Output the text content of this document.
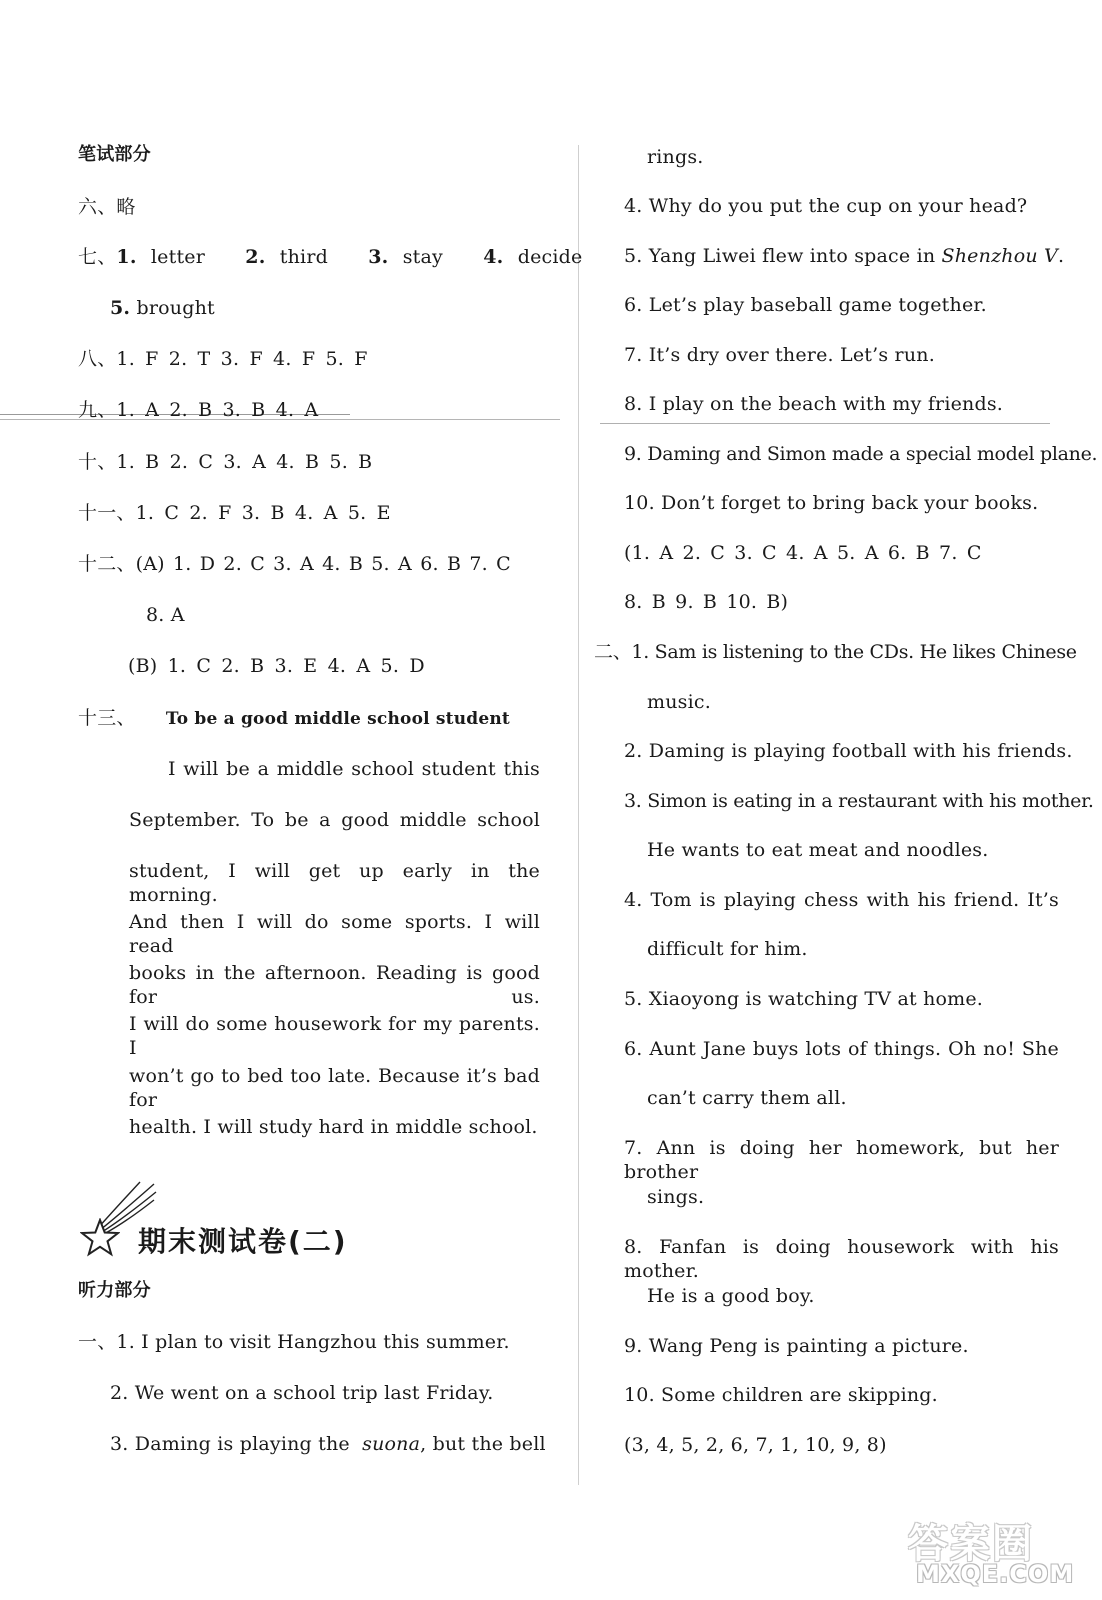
笔试部分
六、略
七、1. letter 2. third 3. stay 4. decide
5. brought
八、1. F 2. T 3. F 4. F 5. F
九、1. A 2. B 3. B 4. A
十、1. B 2. C 3. A 4. B 5. B
十一、1. C 2. F 3. B 4. A 5. E
十二、(A) 1. D 2. C 3. A 4. B 5. A 6. B 7. C
8. A
(B) 1. C 2. B 3. E 4. A 5. D
十三、 To be a good middle school student
I will be a middle school student this
September. To be a good middle school
student, I will get up early in the morning.
And then I will do some sports. I will read
books in the afternoon. Reading is good for us.
I will do some housework for my parents. I
won’t go to bed too late. Because it’s bad for
health. I will study hard in middle school.
期末测试卷(二)
听力部分
一、1. I plan to visit Hangzhou this summer.
2. We went on a school trip last Friday.
3. Daming is playing the suona, but the bell
rings.
4. Why do you put the cup on your head?
5. Yang Liwei flew into space in Shenzhou V.
6. Let’s play baseball game together.
7. It’s dry over there. Let’s run.
8. I play on the beach with my friends.
9. Daming and Simon made a special model plane.
10. Don’t forget to bring back your books.
(1. A 2. C 3. C 4. A 5. A 6. B 7. C
8. B 9. B 10. B)
二、1. Sam is listening to the CDs. He likes Chinese
music.
2. Daming is playing football with his friends.
3. Simon is eating in a restaurant with his mother.
He wants to eat meat and noodles.
4. Tom is playing chess with his friend. It’s
difficult for him.
5. Xiaoyong is watching TV at home.
6. Aunt Jane buys lots of things. Oh no! She
can’t carry them all.
7. Ann is doing her homework, but her brother
sings.
8. Fanfan is doing housework with his mother.
He is a good boy.
9. Wang Peng is painting a picture.
10. Some children are skipping.
(3, 4, 5, 2, 6, 7, 1, 10, 9, 8)
答案圈
MXQE.COM
